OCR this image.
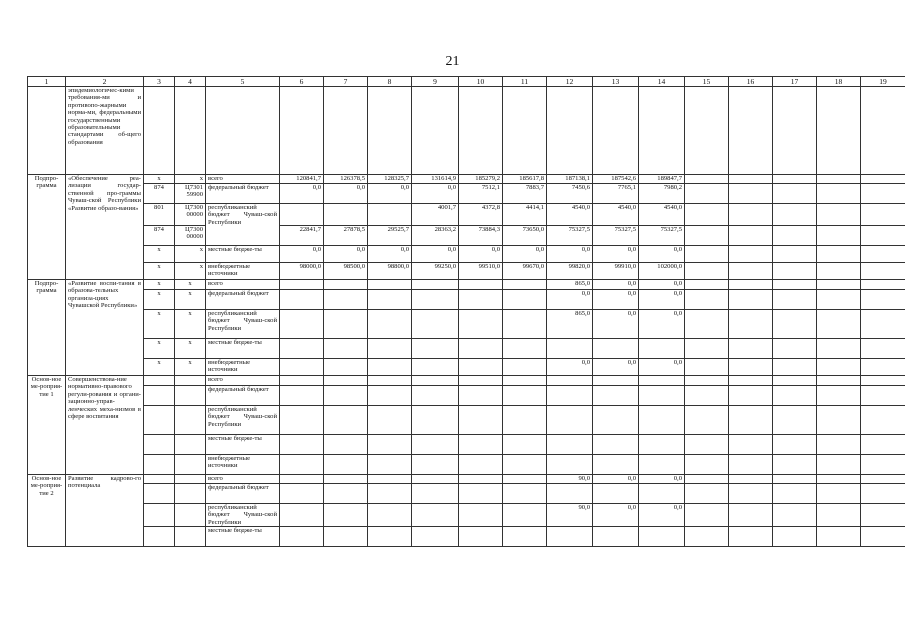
21
1	2	3	4	5	6	7	8	9	10	11	12	13	14	15	16	17	18	19
	эпидемиологичес-кими требования-ми и противопо-жарными норма-ми, федеральными государственными образовательными стандартами об-щего образования																	
Подпро-грамма	«Обеспечение реа-лизации государ-ственной про-граммы Чуваш-ской Республики «Развитие образо-вания»	х	х	всего	120841,7	126378,5	128325,7	131614,9	185279,2	185617,8	187138,1	187542,6	189847,7					
		874	Ц7301 59900	федеральный бюджет	0,0	0,0	0,0	0,0	7512,1	7883,7	7450,6	7765,1	7980,2					
		801	Ц7300 00000	республиканский бюджет Чуваш-ской Республики				4001,7	4372,8	4414,1	4540,0	4540,0	4540,0					
		874	Ц7300 00000		22841,7	27878,5	29525,7	28363,2	73884,3	73650,0	75327,5	75327,5	75327,5					
		х	х	местные бюдже-ты	0,0	0,0	0,0	0,0	0,0	0,0	0,0	0,0	0,0					
		х	х	внебюджетные источники	98000,0	98500,0	98800,0	99250,0	99510,0	99670,0	99820,0	99910,0	102000,0					
Подпро-грамма	«Развитие воспи-тания в образова-тельных организа-циях Чувашской Республики»	х	х	всего							865,0	0,0	0,0					
		х	х	федеральный бюджет							0,0	0,0	0,0					
		х	х	республиканский бюджет Чуваш-ской Республики							865,0	0,0	0,0					
		х	х	местные бюдже-ты														
		х	х	внебюджетные источники							0,0	0,0	0,0					
Основ-ное ме-роприя-тие 1	Совершенствова-ние нормативно-правового регули-рования и органи-зационно-управ-ленческих меха-низмов в сфере воспитания			всего														
				федеральный бюджет														
				республиканский бюджет Чуваш-ской Республики														
				местные бюдже-ты														
				внебюджетные источники														
Основ-ное ме-роприя-тие 2	Развитие кадрово-го потенциала			всего							90,0	0,0	0,0					
				федеральный бюджет														
				республиканский бюджет Чуваш-ской Республики							90,0	0,0	0,0					
				местные бюдже-ты														
